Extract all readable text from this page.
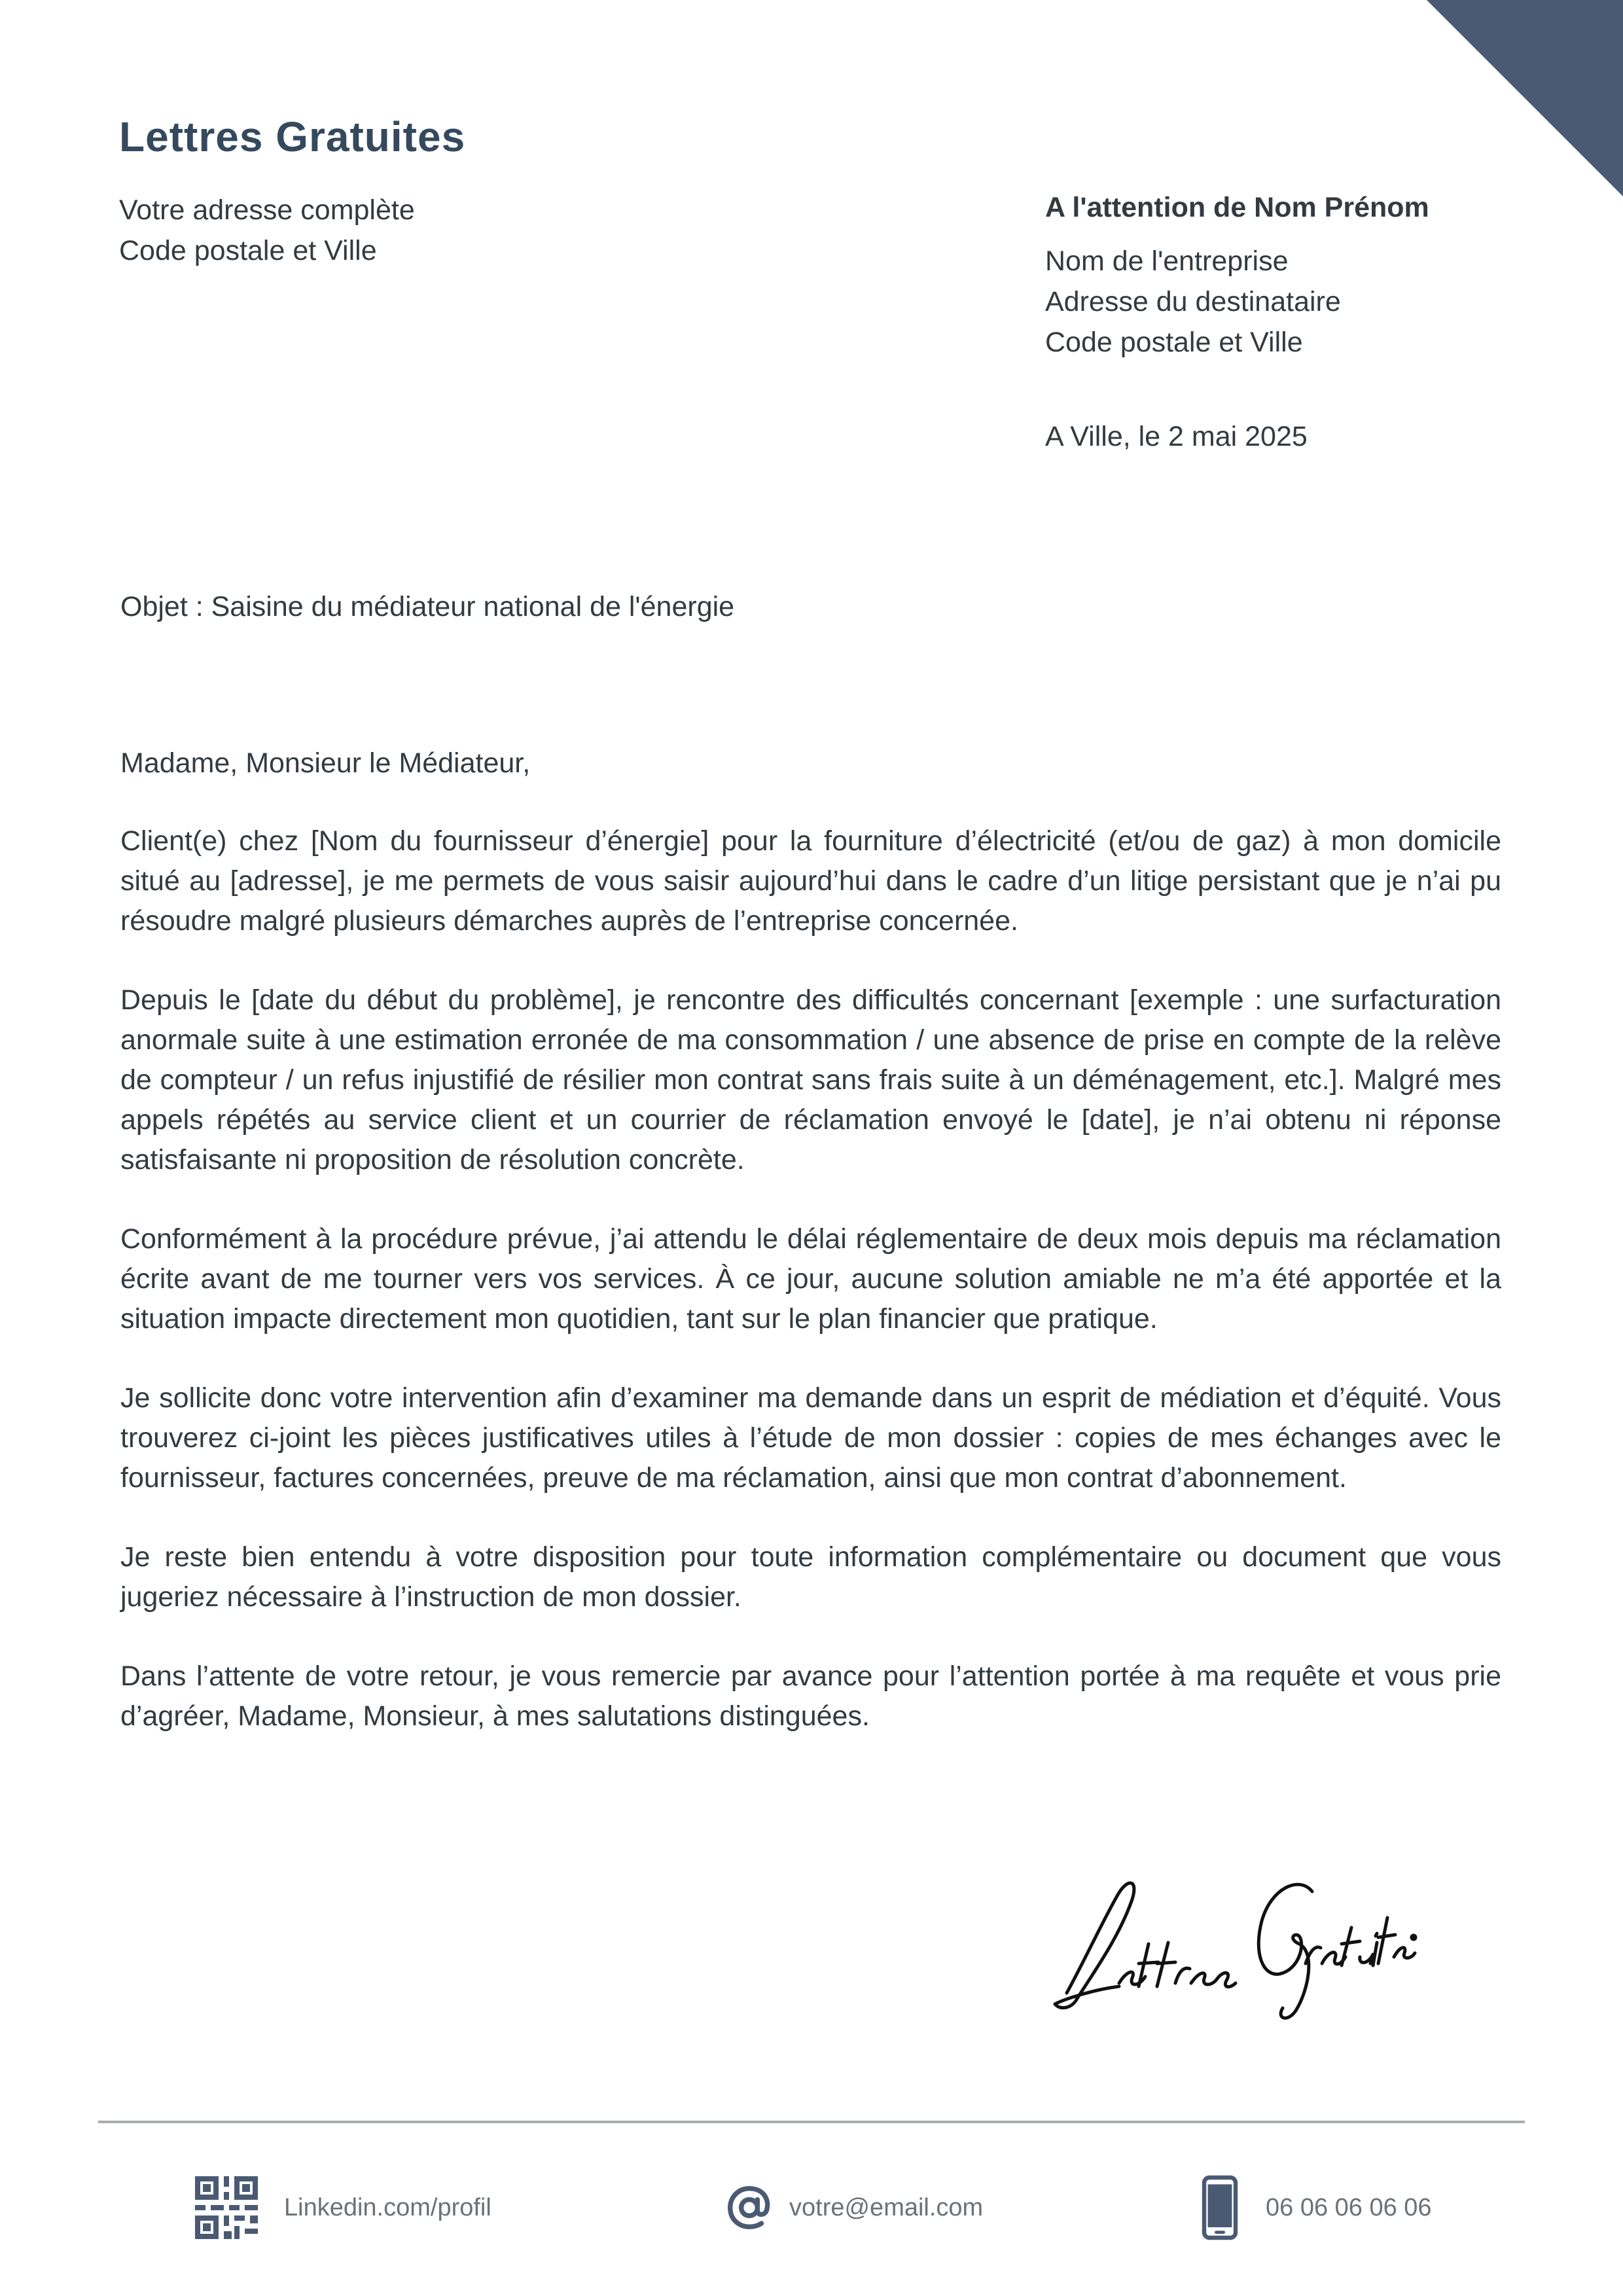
Lettres Gratuites
Votre adresse complète
Code postale et Ville
A l'attention de Nom Prénom
Nom de l'entreprise
Adresse du destinataire
Code postale et Ville
A Ville, le 2 mai 2025
Objet : Saisine du médiateur national de l'énergie

Madame, Monsieur le Médiateur,

Client(e) chez [Nom du fournisseur d’énergie] pour la fourniture d’électricité (et/ou de gaz) à mon domicile situé au [adresse], je me permets de vous saisir aujourd’hui dans le cadre d’un litige persistant que je n’ai pu résoudre malgré plusieurs démarches auprès de l’entreprise concernée.

Depuis le [date du début du problème], je rencontre des difficultés concernant [exemple : une surfacturation anormale suite à une estimation erronée de ma consommation / une absence de prise en compte de la relève de compteur / un refus injustifié de résilier mon contrat sans frais suite à un déménagement, etc.]. Malgré mes appels répétés au service client et un courrier de réclamation envoyé le [date], je n’ai obtenu ni réponse satisfaisante ni proposition de résolution concrète.

Conformément à la procédure prévue, j’ai attendu le délai réglementaire de deux mois depuis ma réclamation écrite avant de me tourner vers vos services. À ce jour, aucune solution amiable ne m’a été apportée et la situation impacte directement mon quotidien, tant sur le plan financier que pratique.

Je sollicite donc votre intervention afin d’examiner ma demande dans un esprit de médiation et d’équité. Vous trouverez ci-joint les pièces justificatives utiles à l’étude de mon dossier : copies de mes échanges avec le fournisseur, factures concernées, preuve de ma réclamation, ainsi que mon contrat d’abonnement.

Je reste bien entendu à votre disposition pour toute information complémentaire ou document que vous jugeriez nécessaire à l’instruction de mon dossier.

Dans l’attente de votre retour, je vous remercie par avance pour l’attention portée à ma requête et vous prie d’agréer, Madame, Monsieur, à mes salutations distinguées.

Linkedin.com/profil	votre@email.com	06 06 06 06 06
